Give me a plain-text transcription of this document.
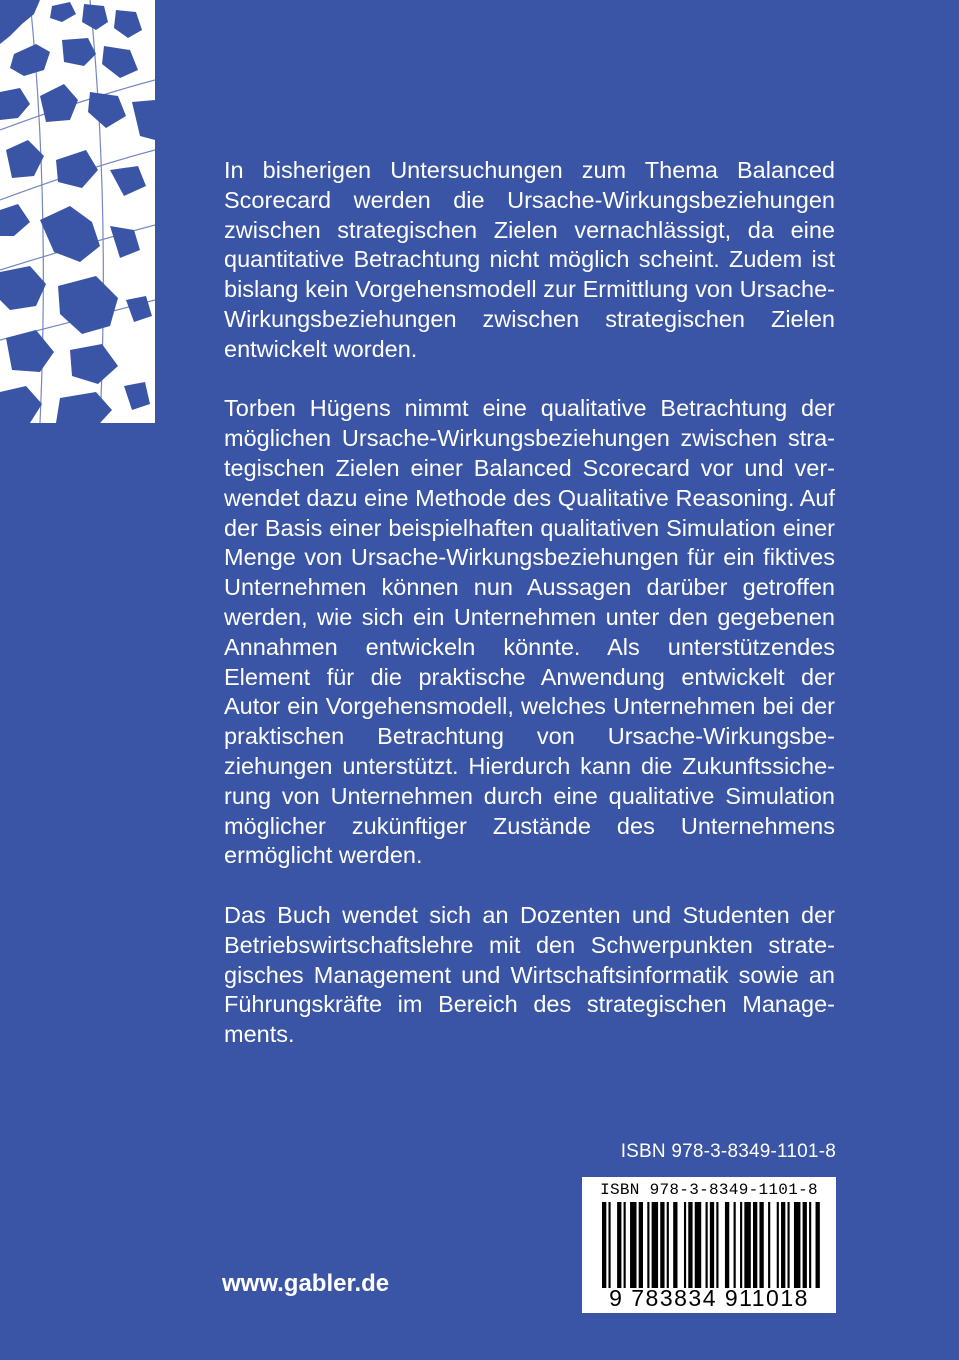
In bisherigen Untersuchungen zum Thema Balanced Scorecard werden die Ursache-Wirkungsbeziehungen zwischen strategischen Zielen vernachlässigt, da eine quantitative Betrachtung nicht möglich scheint. Zudem ist bislang kein Vorgehensmodell zur Ermittlung von Ursache-Wirkungsbeziehungen zwischen strategischen Zielen entwickelt worden.

Torben Hügens nimmt eine qualitative Betrachtung der möglichen Ursache-Wirkungsbeziehungen zwischen strategischen Zielen einer Balanced Scorecard vor und verwendet dazu eine Methode des Qualitative Reasoning. Auf der Basis einer beispielhaften qualitativen Simulation einer Menge von Ursache-Wirkungsbeziehungen für ein fiktives Unternehmen können nun Aussagen darüber getroffen werden, wie sich ein Unternehmen unter den gegebenen Annahmen entwickeln könnte. Als unterstützendes Element für die praktische Anwendung entwickelt der Autor ein Vorgehensmodell, welches Unternehmen bei der praktischen Betrachtung von Ursache-Wirkungsbeziehungen unterstützt. Hierdurch kann die Zukunftssicherung von Unternehmen durch eine qualitative Simulation möglicher zukünftiger Zustände des Unternehmens ermöglicht werden.

Das Buch wendet sich an Dozenten und Studenten der Betriebswirtschaftslehre mit den Schwerpunkten strategisches Management und Wirtschaftsinformatik sowie an Führungskräfte im Bereich des strategischen Managements.

ISBN 978-3-8349-1101-8
ISBN 978-3-8349-1101-8
9 783834 911018
www.gabler.de
